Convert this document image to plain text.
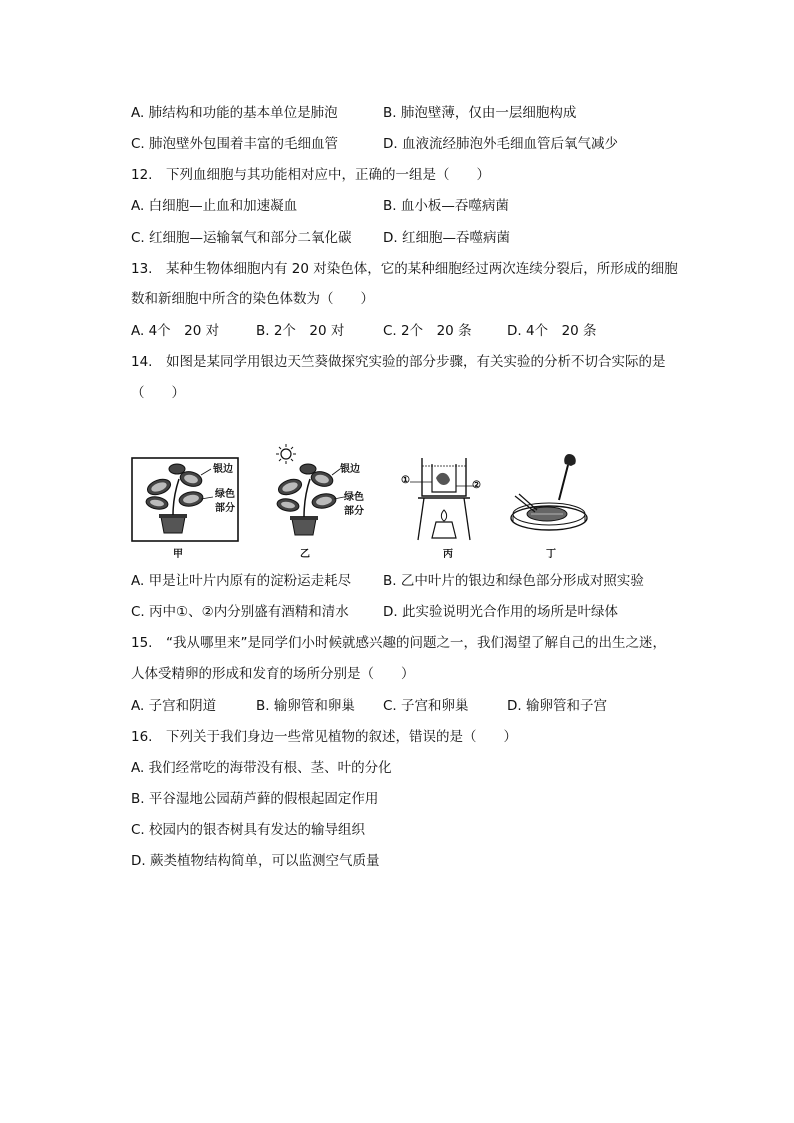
A. 肺结构和功能的基本单位是肺泡	B. 肺泡壁薄，仅由一层细胞构成
C. 肺泡壁外包围着丰富的毛细血管	D. 血液流经肺泡外毛细血管后氧气减少
12.　下列血细胞与其功能相对应中，正确的一组是（　　）
A. 白细胞—止血和加速凝血	B. 血小板—吞噬病菌
C. 红细胞—运输氧气和部分二氧化碳 D. 红细胞—吞噬病菌
13.　某种生物体细胞内有 20 对染色体，它的某种细胞经过两次连续分裂后，所形成的细胞
数和新细胞中所含的染色体数为（　　）
A. 4个　20 对	B. 2个　20 对	C. 2个　20 条	D. 4个　20 条
14.　如图是某同学用银边天竺葵做探究实验的部分步骤，有关实验的分析不切合实际的是
（　　）
银边
绿色
部分
甲
银边
绿色
部分
乙
①	②
丙	丁
A. 甲是让叶片内原有的淀粉运走耗尽 B. 乙中叶片的银边和绿色部分形成对照实验
C. 丙中①、②内分别盛有酒精和清水	D. 此实验说明光合作用的场所是叶绿体
15.　“我从哪里来”是同学们小时候就感兴趣的问题之一，我们渴望了解自己的出生之迷，
人体受精卵的形成和发育的场所分别是（　　）
A. 子宫和阴道	B. 输卵管和卵巢 C. 子宫和卵巢	D. 输卵管和子宫
16.　下列关于我们身边一些常见植物的叙述，错误的是（　　）
A. 我们经常吃的海带没有根、茎、叶的分化
B. 平谷湿地公园葫芦藓的假根起固定作用
C. 校园内的银杏树具有发达的输导组织
D. 蕨类植物结构简单，可以监测空气质量
